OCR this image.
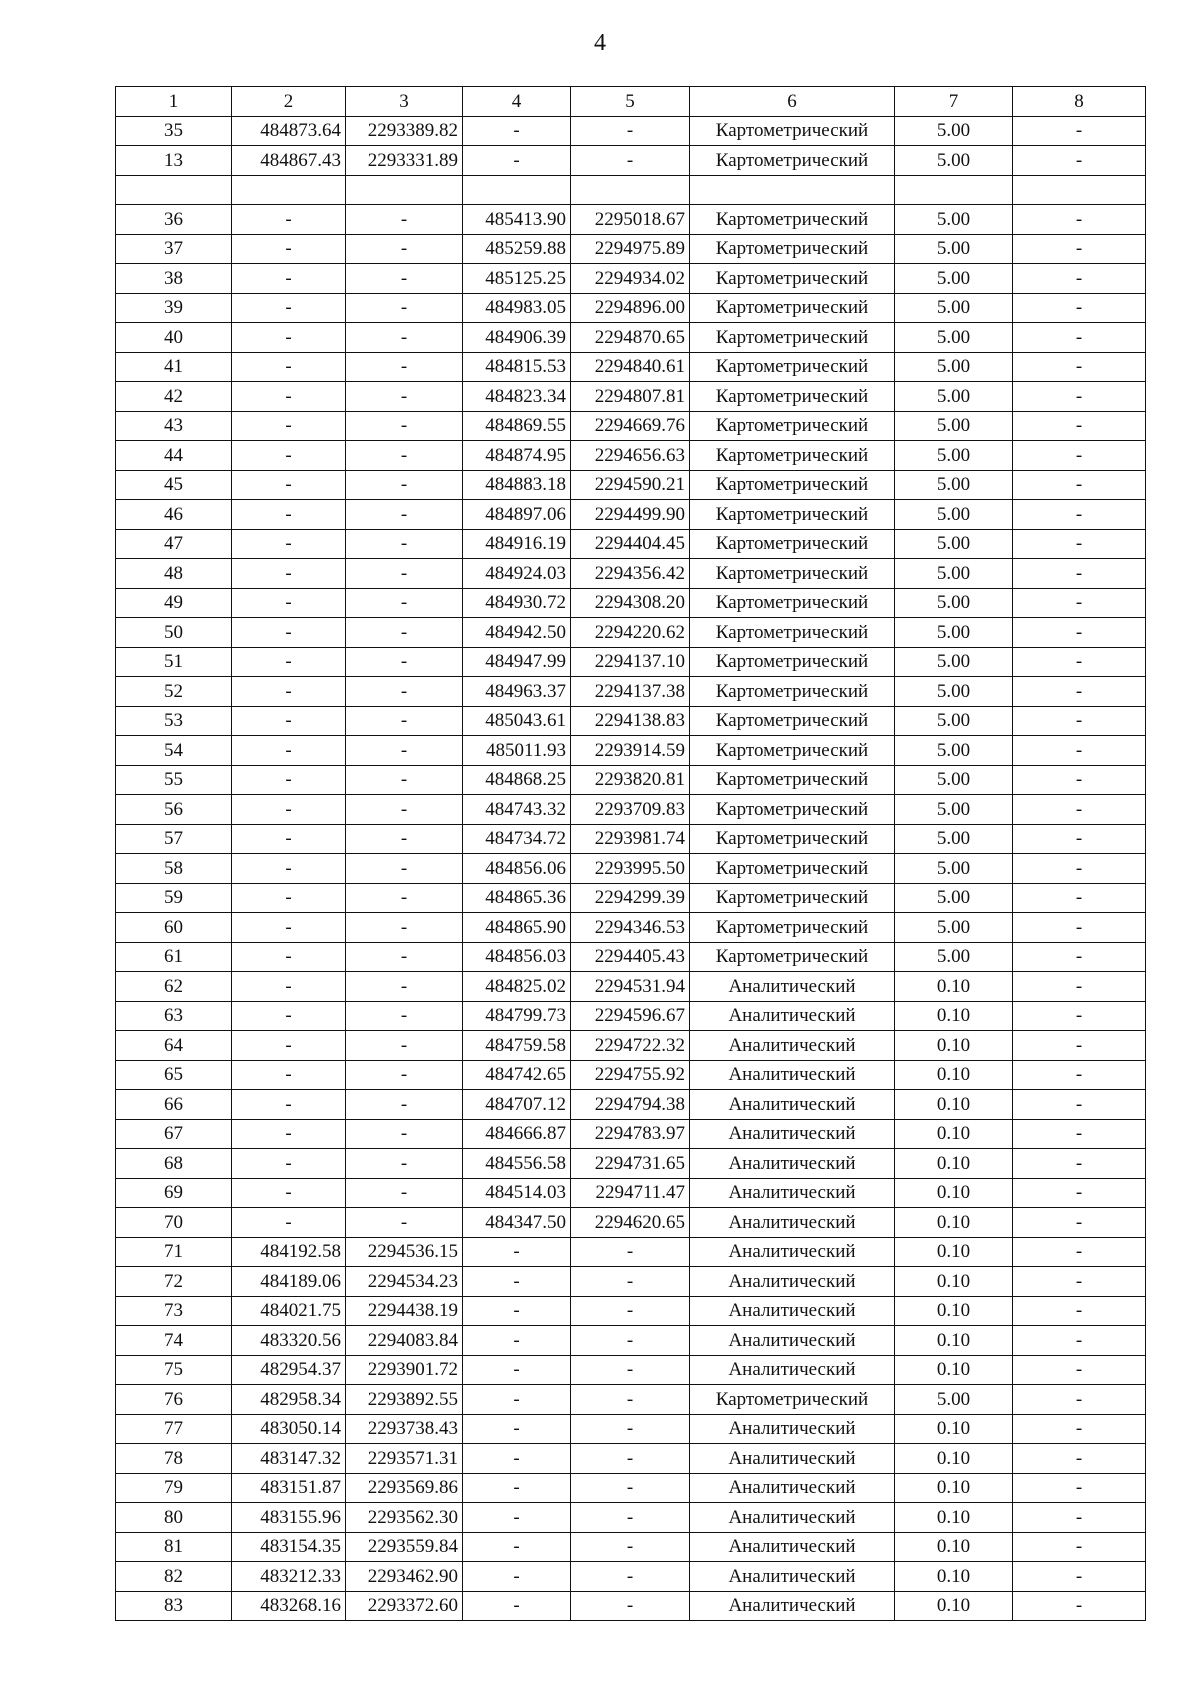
4
1	2	3	4	5	6	7	8
35	484873.64	2293389.82	-	-	Картометрический	5.00	-
13	484867.43	2293331.89	-	-	Картометрический	5.00	-

36	-	-	485413.90	2295018.67	Картометрический	5.00	-
37	-	-	485259.88	2294975.89	Картометрический	5.00	-
38	-	-	485125.25	2294934.02	Картометрический	5.00	-
39	-	-	484983.05	2294896.00	Картометрический	5.00	-
40	-	-	484906.39	2294870.65	Картометрический	5.00	-
41	-	-	484815.53	2294840.61	Картометрический	5.00	-
42	-	-	484823.34	2294807.81	Картометрический	5.00	-
43	-	-	484869.55	2294669.76	Картометрический	5.00	-
44	-	-	484874.95	2294656.63	Картометрический	5.00	-
45	-	-	484883.18	2294590.21	Картометрический	5.00	-
46	-	-	484897.06	2294499.90	Картометрический	5.00	-
47	-	-	484916.19	2294404.45	Картометрический	5.00	-
48	-	-	484924.03	2294356.42	Картометрический	5.00	-
49	-	-	484930.72	2294308.20	Картометрический	5.00	-
50	-	-	484942.50	2294220.62	Картометрический	5.00	-
51	-	-	484947.99	2294137.10	Картометрический	5.00	-
52	-	-	484963.37	2294137.38	Картометрический	5.00	-
53	-	-	485043.61	2294138.83	Картометрический	5.00	-
54	-	-	485011.93	2293914.59	Картометрический	5.00	-
55	-	-	484868.25	2293820.81	Картометрический	5.00	-
56	-	-	484743.32	2293709.83	Картометрический	5.00	-
57	-	-	484734.72	2293981.74	Картометрический	5.00	-
58	-	-	484856.06	2293995.50	Картометрический	5.00	-
59	-	-	484865.36	2294299.39	Картометрический	5.00	-
60	-	-	484865.90	2294346.53	Картометрический	5.00	-
61	-	-	484856.03	2294405.43	Картометрический	5.00	-
62	-	-	484825.02	2294531.94	Аналитический	0.10	-
63	-	-	484799.73	2294596.67	Аналитический	0.10	-
64	-	-	484759.58	2294722.32	Аналитический	0.10	-
65	-	-	484742.65	2294755.92	Аналитический	0.10	-
66	-	-	484707.12	2294794.38	Аналитический	0.10	-
67	-	-	484666.87	2294783.97	Аналитический	0.10	-
68	-	-	484556.58	2294731.65	Аналитический	0.10	-
69	-	-	484514.03	2294711.47	Аналитический	0.10	-
70	-	-	484347.50	2294620.65	Аналитический	0.10	-
71	484192.58	2294536.15	-	-	Аналитический	0.10	-
72	484189.06	2294534.23	-	-	Аналитический	0.10	-
73	484021.75	2294438.19	-	-	Аналитический	0.10	-
74	483320.56	2294083.84	-	-	Аналитический	0.10	-
75	482954.37	2293901.72	-	-	Аналитический	0.10	-
76	482958.34	2293892.55	-	-	Картометрический	5.00	-
77	483050.14	2293738.43	-	-	Аналитический	0.10	-
78	483147.32	2293571.31	-	-	Аналитический	0.10	-
79	483151.87	2293569.86	-	-	Аналитический	0.10	-
80	483155.96	2293562.30	-	-	Аналитический	0.10	-
81	483154.35	2293559.84	-	-	Аналитический	0.10	-
82	483212.33	2293462.90	-	-	Аналитический	0.10	-
83	483268.16	2293372.60	-	-	Аналитический	0.10	-
